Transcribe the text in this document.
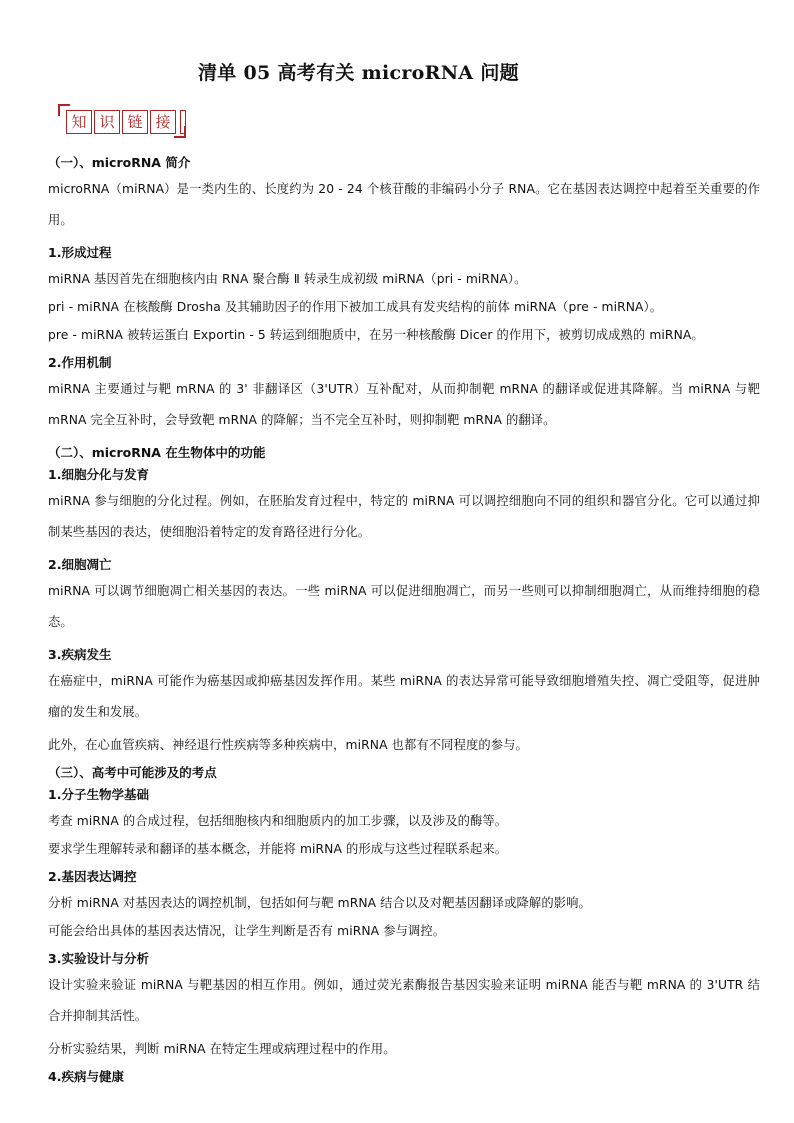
清单 05 高考有关 microRNA 问题
知 识 链 接
（一）、microRNA 简介

microRNA（miRNA）是一类内生的、长度约为 20 - 24 个核苷酸的非编码小分子 RNA。它在基因表达调控中起着至关重要的作用。

1.形成过程

miRNA 基因首先在细胞核内由 RNA 聚合酶 Ⅱ 转录生成初级 miRNA（pri - miRNA）。

pri - miRNA 在核酸酶 Drosha 及其辅助因子的作用下被加工成具有发夹结构的前体 miRNA（pre - miRNA）。

pre - miRNA 被转运蛋白 Exportin - 5 转运到细胞质中，在另一种核酸酶 Dicer 的作用下，被剪切成成熟的 miRNA。

2.作用机制

miRNA 主要通过与靶 mRNA 的 3' 非翻译区（3'UTR）互补配对，从而抑制靶 mRNA 的翻译或促进其降解。当 miRNA 与靶 mRNA 完全互补时，会导致靶 mRNA 的降解；当不完全互补时，则抑制靶 mRNA 的翻译。

（二）、microRNA 在生物体中的功能
1.细胞分化与发育

miRNA 参与细胞的分化过程。例如，在胚胎发育过程中，特定的 miRNA 可以调控细胞向不同的组织和器官分化。它可以通过抑制某些基因的表达，使细胞沿着特定的发育路径进行分化。

2.细胞凋亡

miRNA 可以调节细胞凋亡相关基因的表达。一些 miRNA 可以促进细胞凋亡，而另一些则可以抑制细胞凋亡，从而维持细胞的稳态。

3.疾病发生

在癌症中，miRNA 可能作为癌基因或抑癌基因发挥作用。某些 miRNA 的表达异常可能导致细胞增殖失控、凋亡受阻等，促进肿瘤的发生和发展。

此外，在心血管疾病、神经退行性疾病等多种疾病中，miRNA 也都有不同程度的参与。

（三）、高考中可能涉及的考点
1.分子生物学基础

考查 miRNA 的合成过程，包括细胞核内和细胞质内的加工步骤，以及涉及的酶等。

要求学生理解转录和翻译的基本概念，并能将 miRNA 的形成与这些过程联系起来。

2.基因表达调控

分析 miRNA 对基因表达的调控机制，包括如何与靶 mRNA 结合以及对靶基因翻译或降解的影响。

可能会给出具体的基因表达情况，让学生判断是否有 miRNA 参与调控。

3.实验设计与分析

设计实验来验证 miRNA 与靶基因的相互作用。例如，通过荧光素酶报告基因实验来证明 miRNA 能否与靶 mRNA 的 3'UTR 结合并抑制其活性。

分析实验结果，判断 miRNA 在特定生理或病理过程中的作用。

4.疾病与健康
